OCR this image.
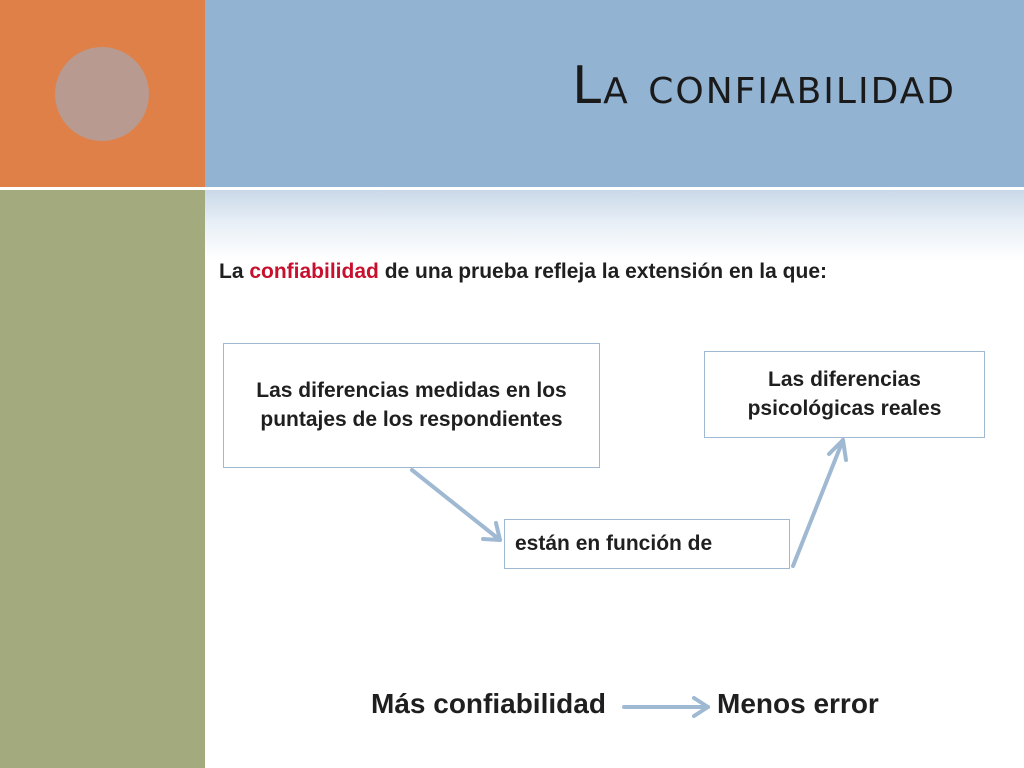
La confiabilidad
La confiabilidad de una prueba refleja la extensión en la que:
Las diferencias medidas en los puntajes de los respondientes
Las diferencias psicológicas reales
están en función de
Más confiabilidad	Menos error
